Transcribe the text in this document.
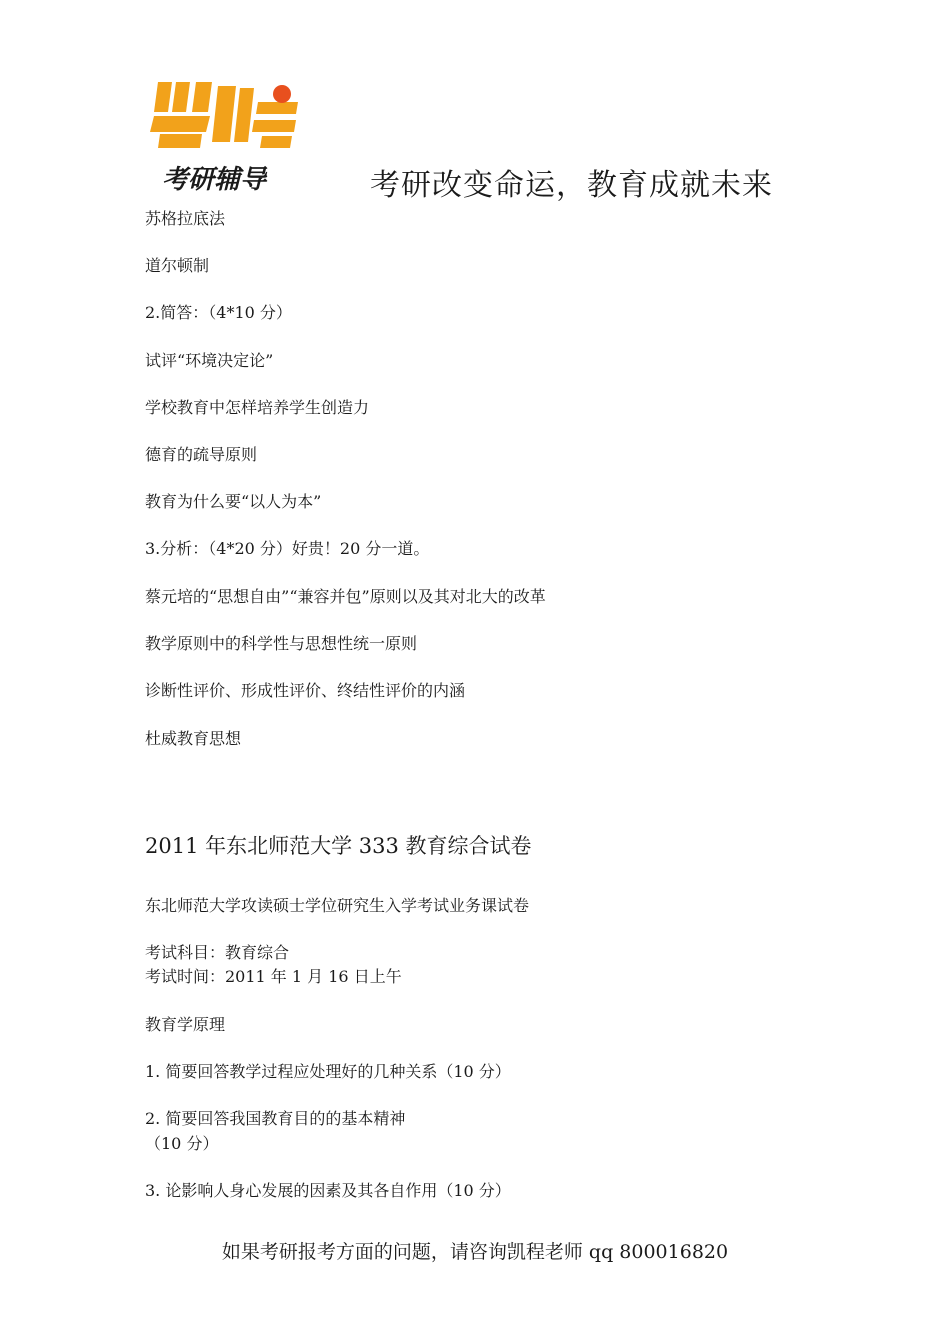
考研辅导	考研改变命运，教育成就未来
苏格拉底法
道尔顿制
2.简答：（4*10 分）
试评“环境决定论”
学校教育中怎样培养学生创造力
德育的疏导原则
教育为什么要“以人为本”
3.分析：（4*20 分）好贵！20 分一道。
蔡元培的“思想自由”“兼容并包”原则以及其对北大的改革
教学原则中的科学性与思想性统一原则
诊断性评价、形成性评价、终结性评价的内涵
杜威教育思想
2011 年东北师范大学 333 教育综合试卷
东北师范大学攻读硕士学位研究生入学考试业务课试卷
考试科目：教育综合
考试时间：2011 年 1 月 16 日上午
教育学原理
1. 简要回答教学过程应处理好的几种关系（10 分）
2. 简要回答我国教育目的的基本精神
（10 分）
3. 论影响人身心发展的因素及其各自作用（10 分）
如果考研报考方面的问题，请咨询凯程老师 qq 800016820
